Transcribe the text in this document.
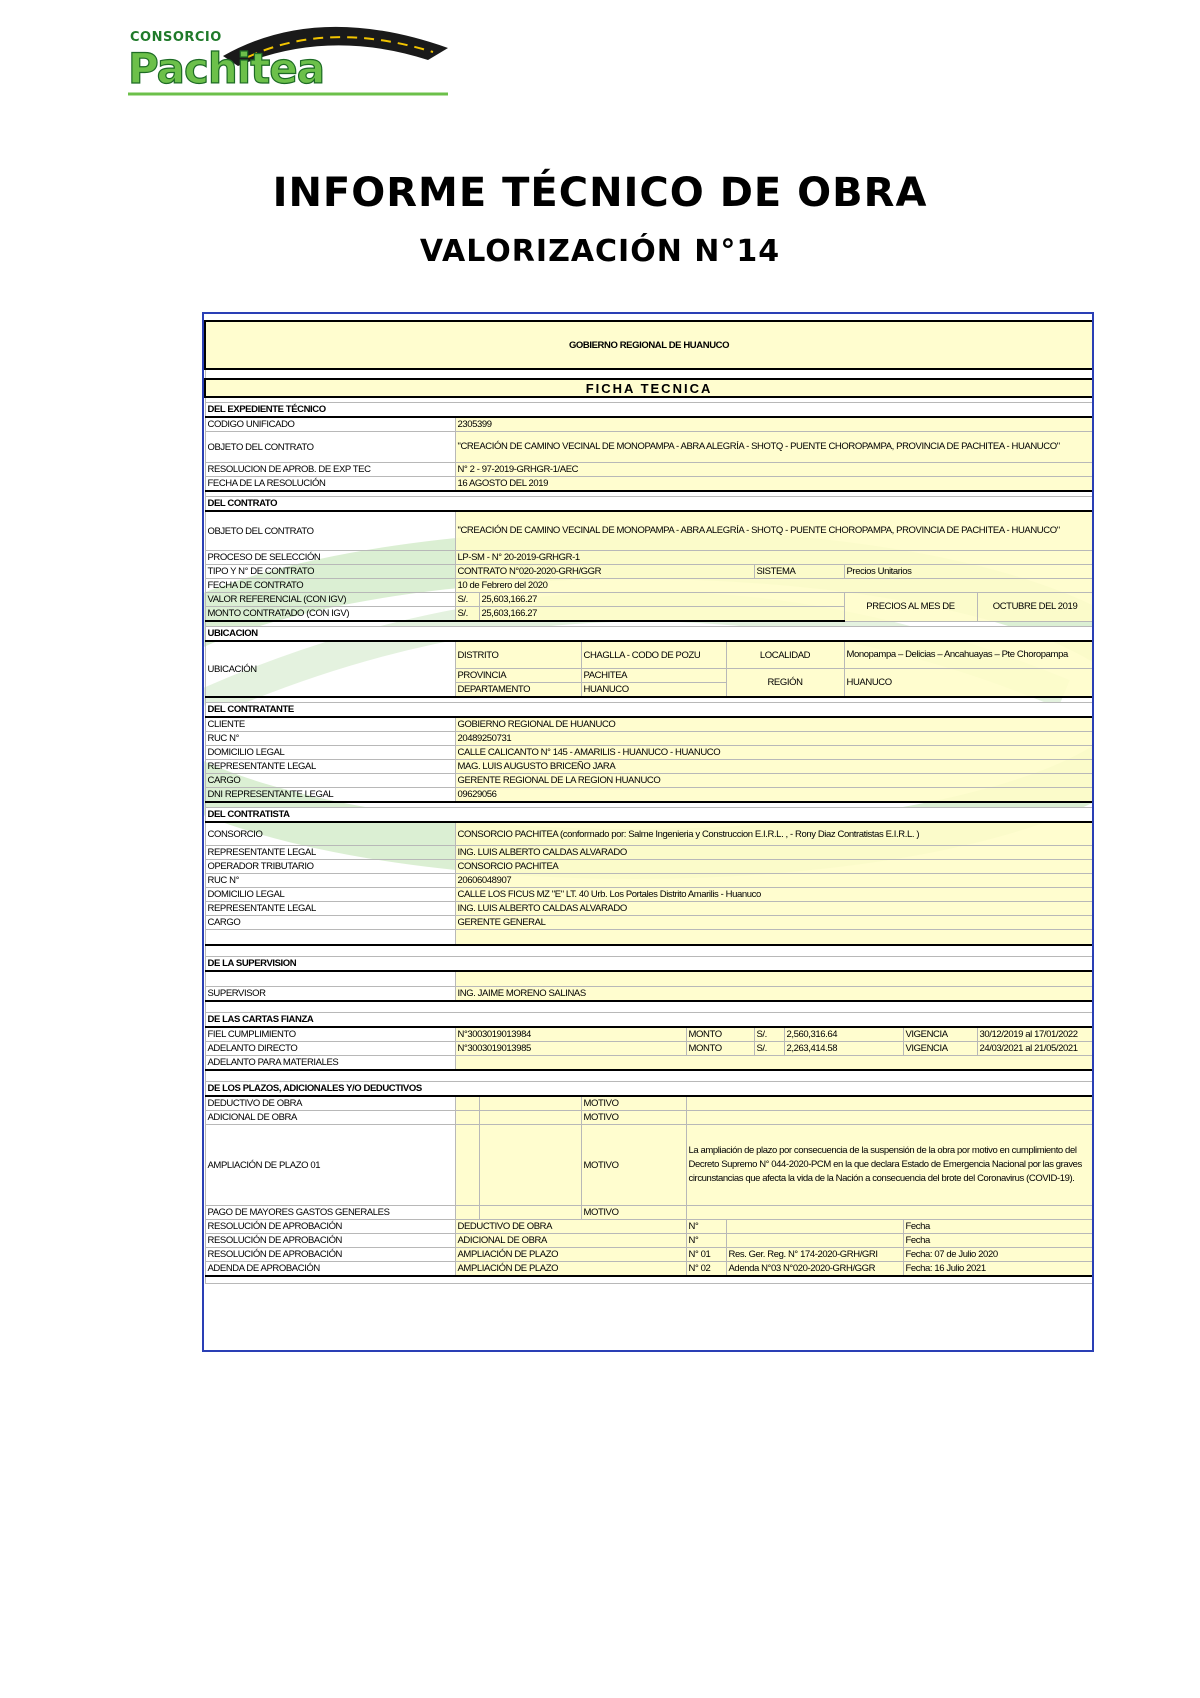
CONSORCIO
Pachitea
INFORME TÉCNICO DE OBRA
VALORIZACIÓN N°14

GOBIERNO REGIONAL DE HUANUCO										

FICHA TECNICA										

DEL EXPEDIENTE TÉCNICO										
CODIGO UNIFICADO	2305399									
OBJETO DEL CONTRATO	"CREACIÓN DE CAMINO VECINAL DE MONOPAMPA - ABRA ALEGRÍA - SHOTQ - PUENTE CHOROPAMPA, PROVINCIA DE PACHITEA - HUANUCO"									
RESOLUCION DE APROB. DE EXP TEC	N° 2 - 97-2019-GRHGR-1/AEC									
FECHA DE LA RESOLUCIÓN	16 AGOSTO DEL 2019									

DEL CONTRATO										
OBJETO DEL CONTRATO	"CREACIÓN DE CAMINO VECINAL DE MONOPAMPA - ABRA ALEGRÍA - SHOTQ - PUENTE CHOROPAMPA, PROVINCIA DE PACHITEA - HUANUCO"									
PROCESO DE SELECCIÓN	LP-SM - N° 20-2019-GRHGR-1									
TIPO Y N° DE CONTRATO	CONTRATO N°020-2020-GRH/GGR					SISTEMA		Precios Unitarios		
FECHA DE CONTRATO	10 de Febrero del 2020									
VALOR REFERENCIAL (CON IGV)	S/.	25,603,166.27						PRECIOS AL MES DE		OCTUBRE DEL 2019
MONTO CONTRATADO (CON IGV)	S/.	25,603,166.27								

UBICACION										
UBICACIÓN	DISTRITO		CHAGLLA - CODO DE POZU		LOCALIDAD			Monopampa – Delicias – Ancahuayas – Pte Choropampa		
	PROVINCIA		PACHITEA		REGIÓN			HUANUCO		
	DEPARTAMENTO		HUANUCO							

DEL CONTRATANTE										
CLIENTE	GOBIERNO REGIONAL DE HUANUCO									
RUC N°	20489250731									
DOMICILIO LEGAL	CALLE CALICANTO N° 145 - AMARILIS - HUANUCO - HUANUCO									
REPRESENTANTE LEGAL	MAG. LUIS AUGUSTO BRICEÑO JARA									
CARGO	GERENTE REGIONAL DE LA REGION HUANUCO									
DNI REPRESENTANTE LEGAL	09629056									

DEL CONTRATISTA										
CONSORCIO	CONSORCIO PACHITEA (conformado por: Salme Ingenieria y Construccion E.I.R.L. , - Rony Diaz Contratistas E.I.R.L. )									
REPRESENTANTE LEGAL	ING. LUIS ALBERTO CALDAS ALVARADO									
OPERADOR TRIBUTARIO	CONSORCIO PACHITEA									
RUC N°	20606048907									
DOMICILIO LEGAL	CALLE LOS FICUS MZ "E" LT. 40 Urb. Los Portales Distrito Amarilis - Huanuco									
REPRESENTANTE LEGAL	ING. LUIS ALBERTO CALDAS ALVARADO									
CARGO	GERENTE GENERAL									

DE LA SUPERVISION										

SUPERVISOR	ING. JAIME MORENO SALINAS									

DE LAS CARTAS FIANZA										
FIEL CUMPLIMIENTO	N°3003019013984			MONTO		S/.	2,560,316.64		VIGENCIA	30/12/2019 al 17/01/2022
ADELANTO DIRECTO	N°3003019013985			MONTO		S/.	2,263,414.58		VIGENCIA	24/03/2021 al 21/05/2021
ADELANTO PARA MATERIALES										

DE LOS PLAZOS, ADICIONALES Y/O DEDUCTIVOS										
DEDUCTIVO DE OBRA			MOTIVO							
ADICIONAL DE OBRA			MOTIVO							
AMPLIACIÓN DE PLAZO 01			MOTIVO	La ampliación de plazo por consecuencia de la suspensión de la obra por motivo en cumplimiento del Decreto Supremo N° 044-2020-PCM en la que declara Estado de Emergencia Nacional por las graves circunstancias que afecta la vida de la Nación a consecuencia del brote del Coronavirus (COVID-19).						
PAGO DE MAYORES GASTOS GENERALES			MOTIVO							
RESOLUCIÓN DE APROBACIÓN	DEDUCTIVO DE OBRA			N°					Fecha	
RESOLUCIÓN DE APROBACIÓN	ADICIONAL DE OBRA			N°					Fecha	
RESOLUCIÓN DE APROBACIÓN	AMPLIACIÓN DE PLAZO			N° 01	Res. Ger. Reg. N° 174-2020-GRH/GRI				Fecha: 07 de Julio 2020	
ADENDA DE APROBACIÓN	AMPLIACIÓN DE PLAZO			N° 02	Adenda N°03 N°020-2020-GRH/GGR				Fecha: 16 Julio 2021	
